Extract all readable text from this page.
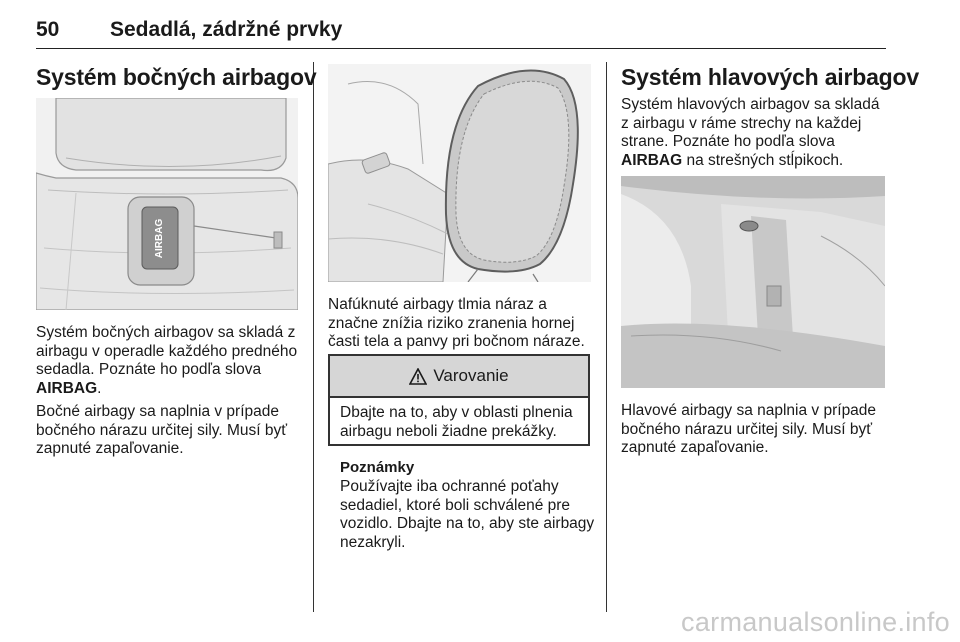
50 Sedadlá, zádržné prvky
Systém bočných airbagov
AIRBAG

Systém bočných airbagov sa skladá z airbagu v operadle každého predného sedadla. Poznáte ho podľa slova AIRBAG.

Bočné airbagy sa naplnia v prípade bočného nárazu určitej sily. Musí byť zapnuté zapaľovanie.

Nafúknuté airbagy tlmia náraz a značne znížia riziko zranenia hornej časti tela a panvy pri bočnom náraze.

Varovanie
Dbajte na to, aby v oblasti plnenia airbagu neboli žiadne prekážky.
Poznámky

Používajte iba ochranné poťahy sedadiel, ktoré boli schválené pre vozidlo. Dbajte na to, aby ste airbagy nezakryli.

Systém hlavových airbagov

Systém hlavových airbagov sa skladá z airbagu v ráme strechy na každej strane. Poznáte ho podľa slova AIRBAG na strešných stĺpikoch.

Hlavové airbagy sa naplnia v prípade bočného nárazu určitej sily. Musí byť zapnuté zapaľovanie.

carmanualsonline.info
